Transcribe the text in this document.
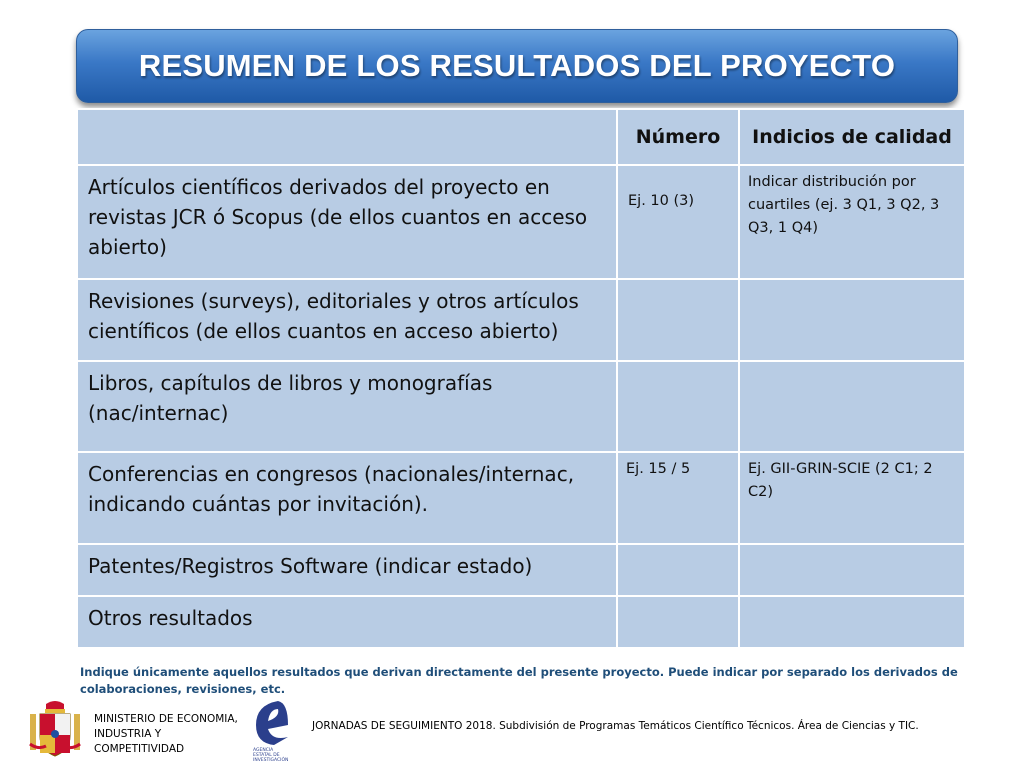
RESUMEN DE LOS RESULTADOS DEL PROYECTO
	Número	Indicios de calidad
Artículos científicos derivados del proyecto en revistas JCR ó Scopus (de ellos cuantos en acceso abierto)	Ej. 10 (3)	Indicar distribución por cuartiles (ej. 3 Q1, 3 Q2, 3 Q3, 1 Q4)
Revisiones (surveys), editoriales y otros artículos científicos (de ellos cuantos en acceso abierto)		
Libros, capítulos de libros y monografías (nac/internac)		
Conferencias en congresos (nacionales/internac, indicando cuántas por invitación).	Ej. 15 / 5	Ej. GII-GRIN-SCIE (2 C1; 2 C2)
Patentes/Registros Software (indicar estado)		
Otros resultados		
Indique únicamente aquellos resultados que derivan directamente del presente proyecto. Puede indicar por separado los derivados de colaboraciones, revisiones, etc.
MINISTERIO DE ECONOMIA,
INDUSTRIA Y
COMPETITIVIDAD	AGENCIA
ESTATAL DE
INVESTIGACIÓN
JORNADAS DE SEGUIMIENTO 2018. Subdivisión de Programas Temáticos Científico Técnicos. Área de Ciencias y TIC.
